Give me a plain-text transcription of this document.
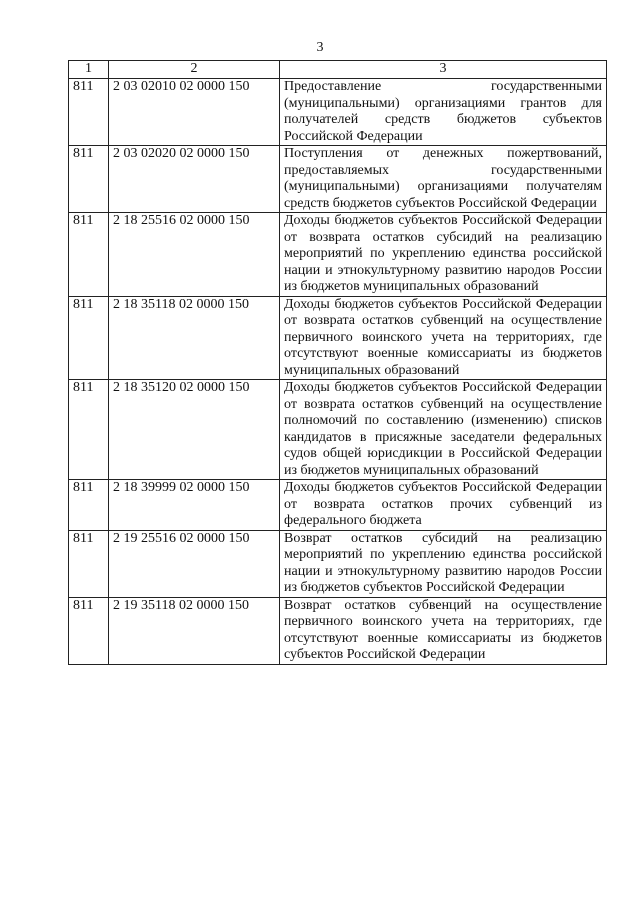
3
1	2	3
811	2 03 02010 02 0000 150	Предоставление государственными (муниципальными) организациями грантов для получателей средств бюджетов субъектов Российской Федерации
811	2 03 02020 02 0000 150	Поступления от денежных пожертвований, предоставляемых государственными (муниципальными) организациями получателям средств бюджетов субъектов Российской Федерации
811	2 18 25516 02 0000 150	Доходы бюджетов субъектов Российской Федерации от возврата остатков субсидий на реализацию мероприятий по укреплению единства российской нации и этнокультурному развитию народов России из бюджетов муниципальных образований
811	2 18 35118 02 0000 150	Доходы бюджетов субъектов Российской Федерации от возврата остатков субвенций на осуществление первичного воинского учета на территориях, где отсутствуют военные комиссариаты из бюджетов муниципальных образований
811	2 18 35120 02 0000 150	Доходы бюджетов субъектов Российской Федерации от возврата остатков субвенций на осуществление полномочий по составлению (изменению) списков кандидатов в присяжные заседатели федеральных судов общей юрисдикции в Российской Федерации из бюджетов муниципальных образований
811	2 18 39999 02 0000 150	Доходы бюджетов субъектов Российской Федерации от возврата остатков прочих субвенций из федерального бюджета
811	2 19 25516 02 0000 150	Возврат остатков субсидий на реализацию мероприятий по укреплению единства российской нации и этнокультурному развитию народов России из бюджетов субъектов Российской Федерации
811	2 19 35118 02 0000 150	Возврат остатков субвенций на осуществление первичного воинского учета на территориях, где отсутствуют военные комиссариаты из бюджетов субъектов Российской Федерации
